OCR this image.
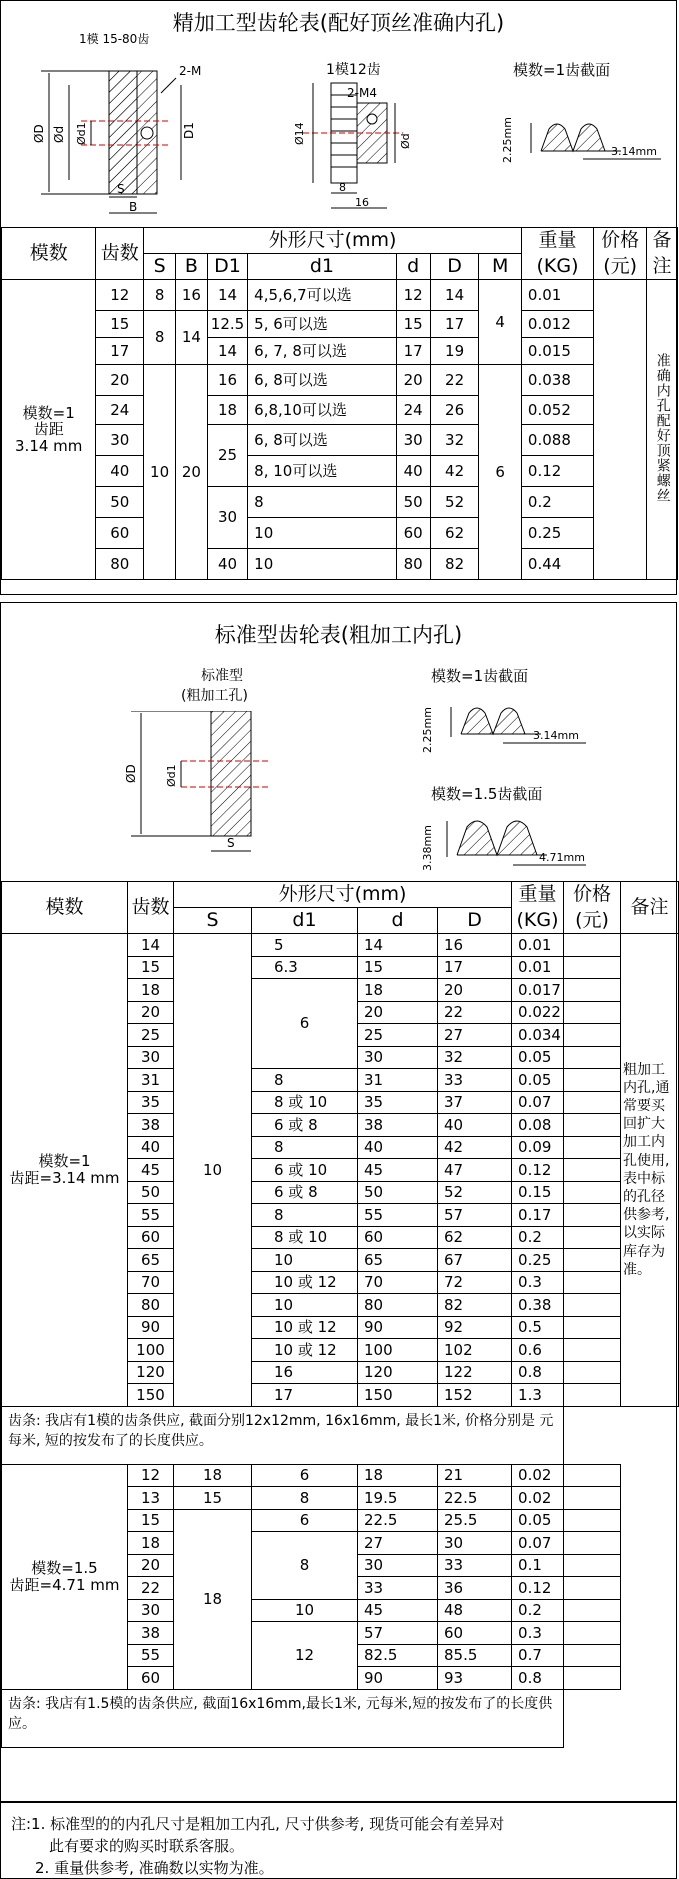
精加工型齿轮表(配好顶丝准确内孔)
1模 15-80齿
2-M
ØD Ød Ød1	D1
S
B
Ø14	Ød
2-M4
8
16
1模12齿	模数=1齿截面
2.25mm	3.14mm
模数	齿数	外形尺寸(mm)							重量	价格	备
		S	B	D1	d1	d	D	M	(KG)	(元)	注
模数=1
齿距
3.14 mm	12	8	16	14	4,5,6,7可以选	12	14	4	0.01		准确内孔配好顶紧螺丝
	15	8	14	12.5	5, 6可以选	15	17		0.012		
	17			14	6, 7, 8可以选	17	19		0.015		
	20	10	20	16	6, 8可以选	20	22	6	0.038		
	24			18	6,8,10可以选	24	26		0.052		
	30			25	6, 8可以选	30	32		0.088		
	40				8, 10可以选	40	42		0.12		
	50			30	8	50	52		0.2		
	60				10	60	62		0.25		
	80			40	10	80	82		0.44		
标准型齿轮表(粗加工内孔)
标准型
(粗加工孔)
ØD Ød1
S
模数=1齿截面
2.25mm	3.14mm
模数=1.5齿截面
3.38mm	4.71mm
模数	齿数	外形尺寸(mm)				重量	价格	备注
		S	d1	d	D	(KG)	(元)	
模数=1
齿距=3.14 mm	14	10	5	14	16	0.01		粗加工内孔,通常要买回扩大加工内孔使用,表中标的孔径供参考,以实际库存为准。
	15		6.3	15	17	0.01		
	18		6	18	20	0.017		
	20			20	22	0.022		
	25			25	27	0.034		
	30			30	32	0.05		
	31		8	31	33	0.05		
	35		8 或 10	35	37	0.07		
	38		6 或 8	38	40	0.08		
	40		8	40	42	0.09		
	45		6 或 10	45	47	0.12		
	50		6 或 8	50	52	0.15		
	55		8	55	57	0.17		
	60		8 或 10	60	62	0.2		
	65		10	65	67	0.25		
	70		10 或 12	70	72	0.3		
	80		10	80	82	0.38		
	90		10 或 12	90	92	0.5		
	100		10 或 12	100	102	0.6		
	120		16	120	122	0.8		
	150		17	150	152	1.3		
齿条: 我店有1模的齿条供应, 截面分别12x12mm, 16x16mm, 最长1米, 价格分别是 元每米, 短的按发布了的长度供应。								
模数=1.5
齿距=4.71 mm	12	18	6	18	21	0.02		
	13	15	8	19.5	22.5	0.02		
	15	18	6	22.5	25.5	0.05		
	18		8	27	30	0.07		
	20			30	33	0.1		
	22			33	36	0.12		
	30		10	45	48	0.2		
	38		12	57	60	0.3		
	55			82.5	85.5	0.7		
	60			90	93	0.8		
齿条: 我店有1.5模的齿条供应, 截面16x16mm,最长1米, 元每米,短的按发布了的长度供应。								
注:1. 标准型的的内孔尺寸是粗加工内孔, 尺寸供参考, 现货可能会有差异对
此有要求的购买时联系客服。
2. 重量供参考, 准确数以实物为准。
